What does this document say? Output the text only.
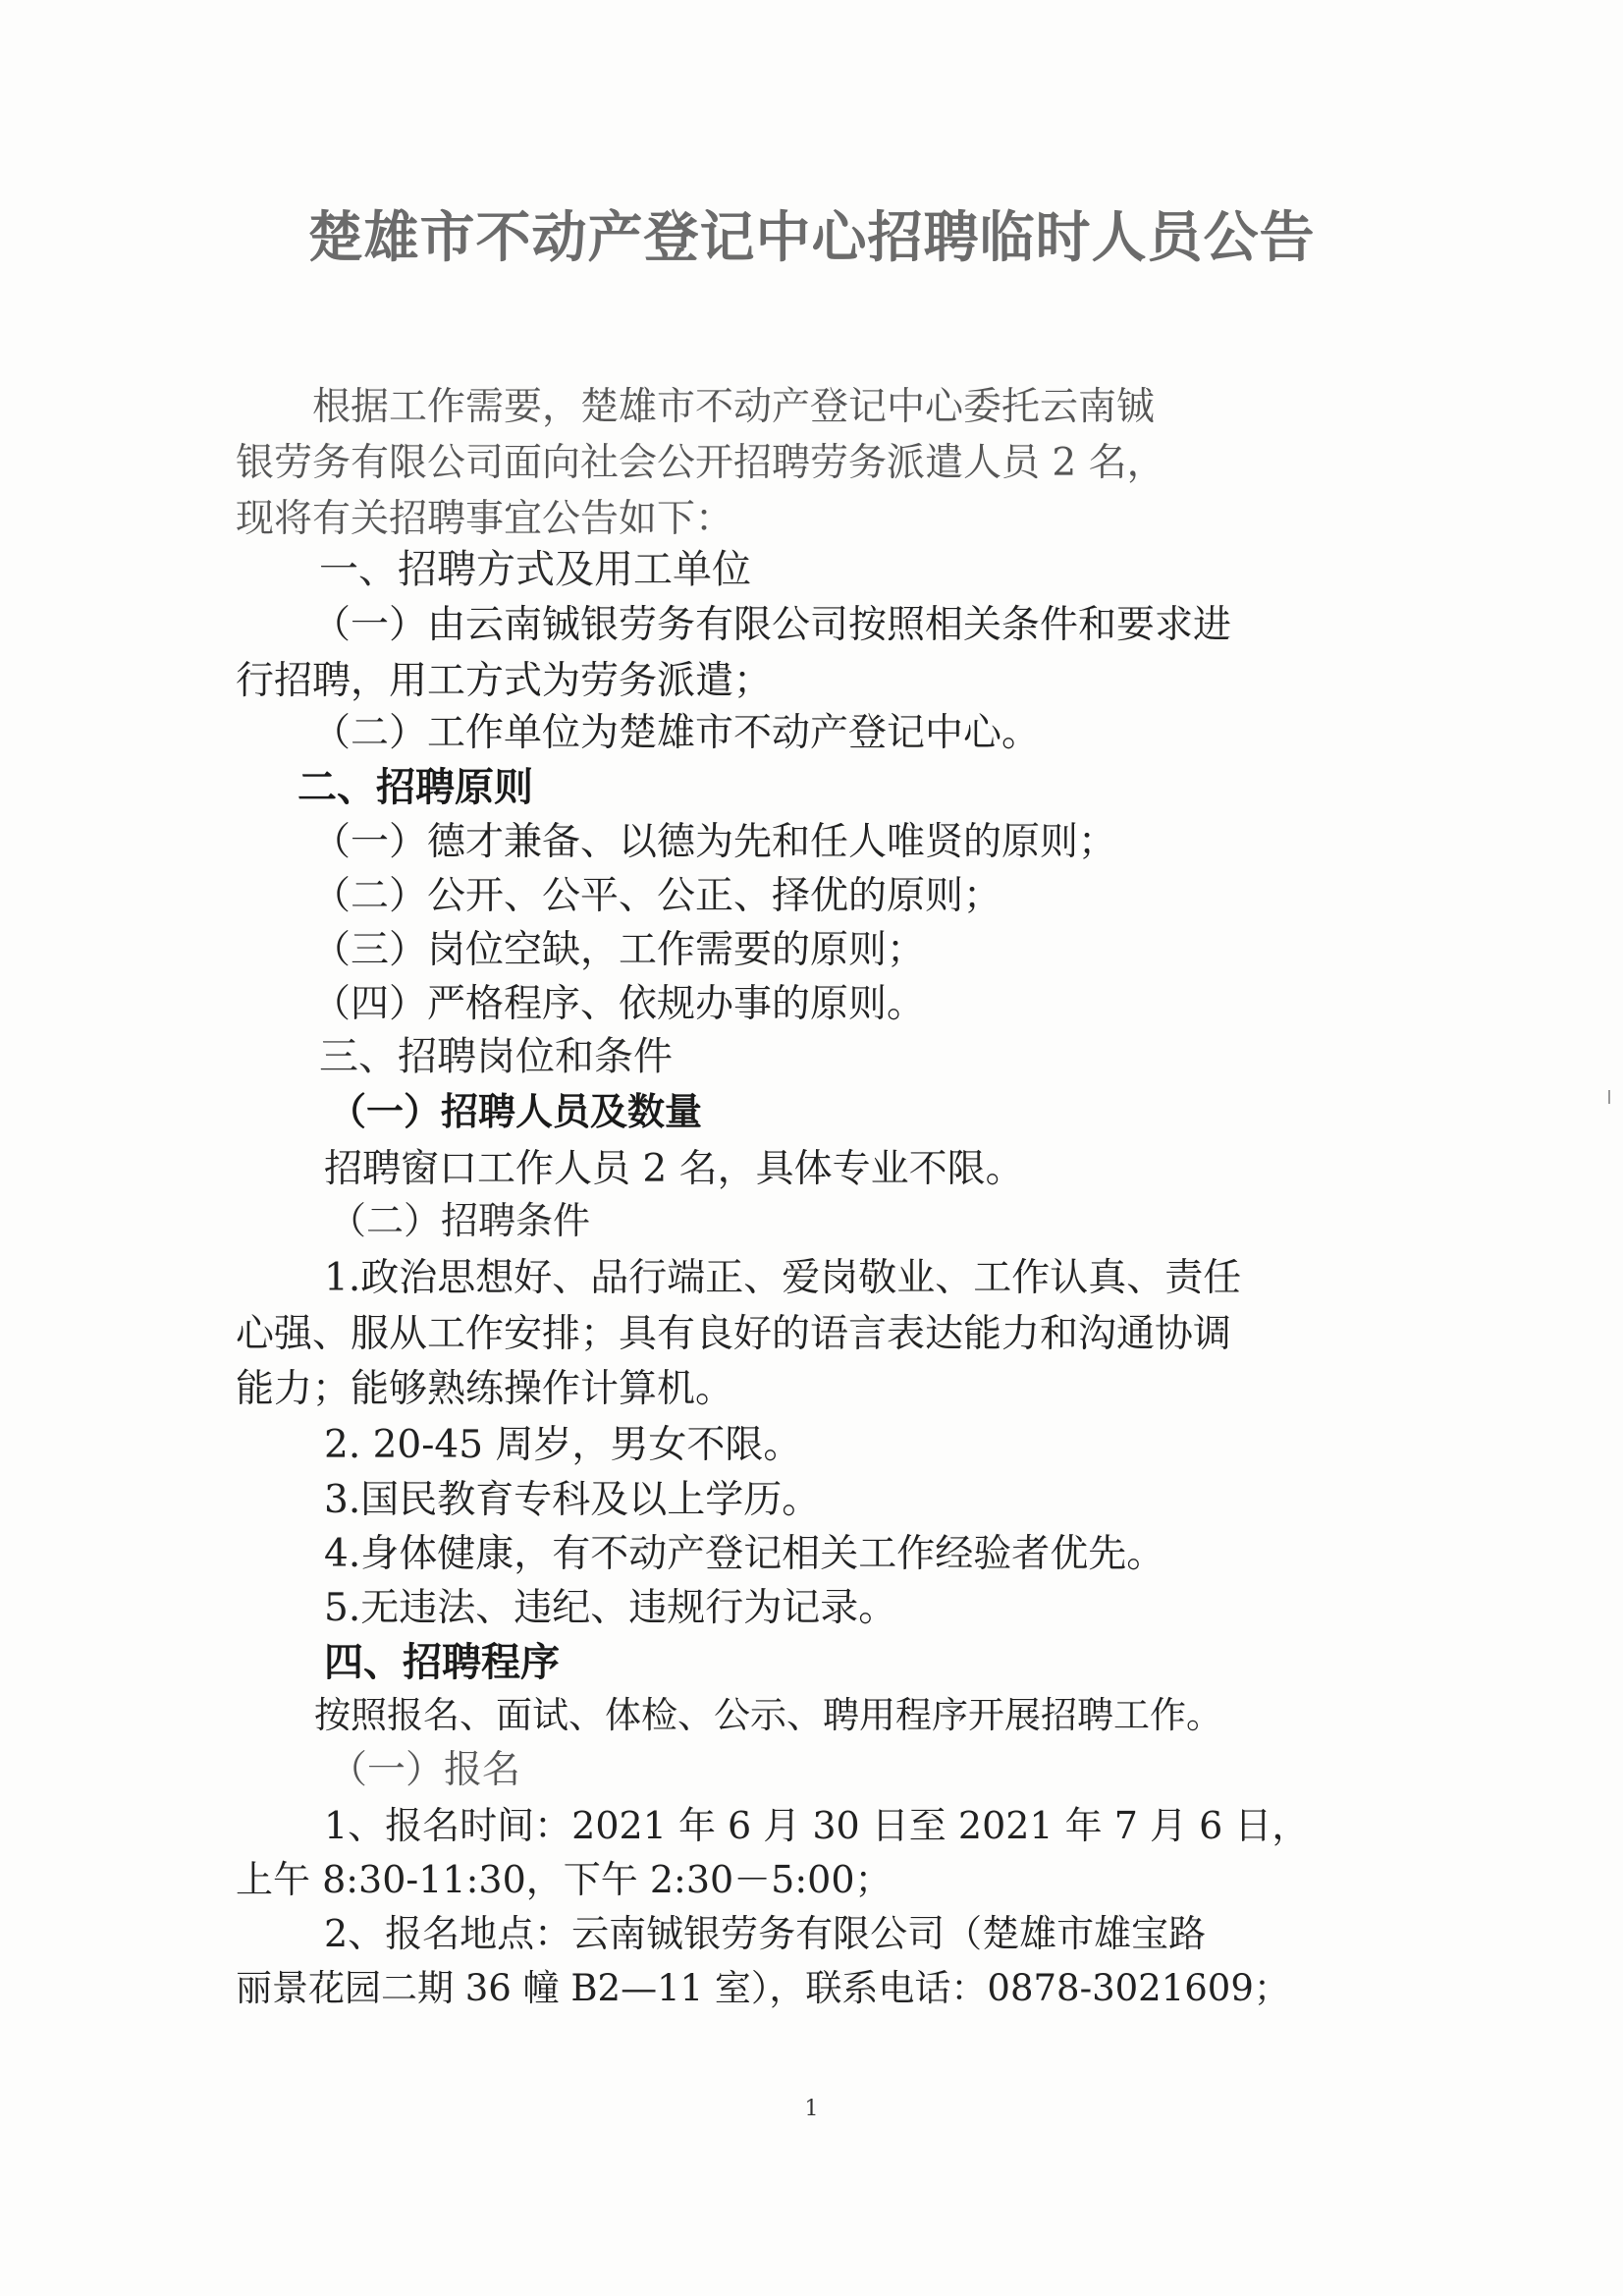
楚雄市不动产登记中心招聘临时人员公告
根据工作需要，楚雄市不动产登记中心委托云南铖
银劳务有限公司面向社会公开招聘劳务派遣人员 2 名，
现将有关招聘事宜公告如下：
一、招聘方式及用工单位
（一）由云南铖银劳务有限公司按照相关条件和要求进
行招聘，用工方式为劳务派遣；
（二）工作单位为楚雄市不动产登记中心。
二、招聘原则
（一）德才兼备、以德为先和任人唯贤的原则；
（二）公开、公平、公正、择优的原则；
（三）岗位空缺，工作需要的原则；
（四）严格程序、依规办事的原则。
三、招聘岗位和条件
（一）招聘人员及数量
招聘窗口工作人员 2 名，具体专业不限。
（二）招聘条件
1.政治思想好、品行端正、爱岗敬业、工作认真、责任
心强、服从工作安排；具有良好的语言表达能力和沟通协调
能力；能够熟练操作计算机。
2. 20-45 周岁，男女不限。
3.国民教育专科及以上学历。
4.身体健康，有不动产登记相关工作经验者优先。
5.无违法、违纪、违规行为记录。
四、招聘程序
按照报名、面试、体检、公示、聘用程序开展招聘工作。
（一）报名
1、报名时间：2021 年 6 月 30 日至 2021 年 7 月 6 日，
上午 8:30-11:30，下午 2:30－5:00；
2、报名地点：云南铖银劳务有限公司（楚雄市雄宝路
丽景花园二期 36 幢 B2—11 室），联系电话：0878-3021609；
1
